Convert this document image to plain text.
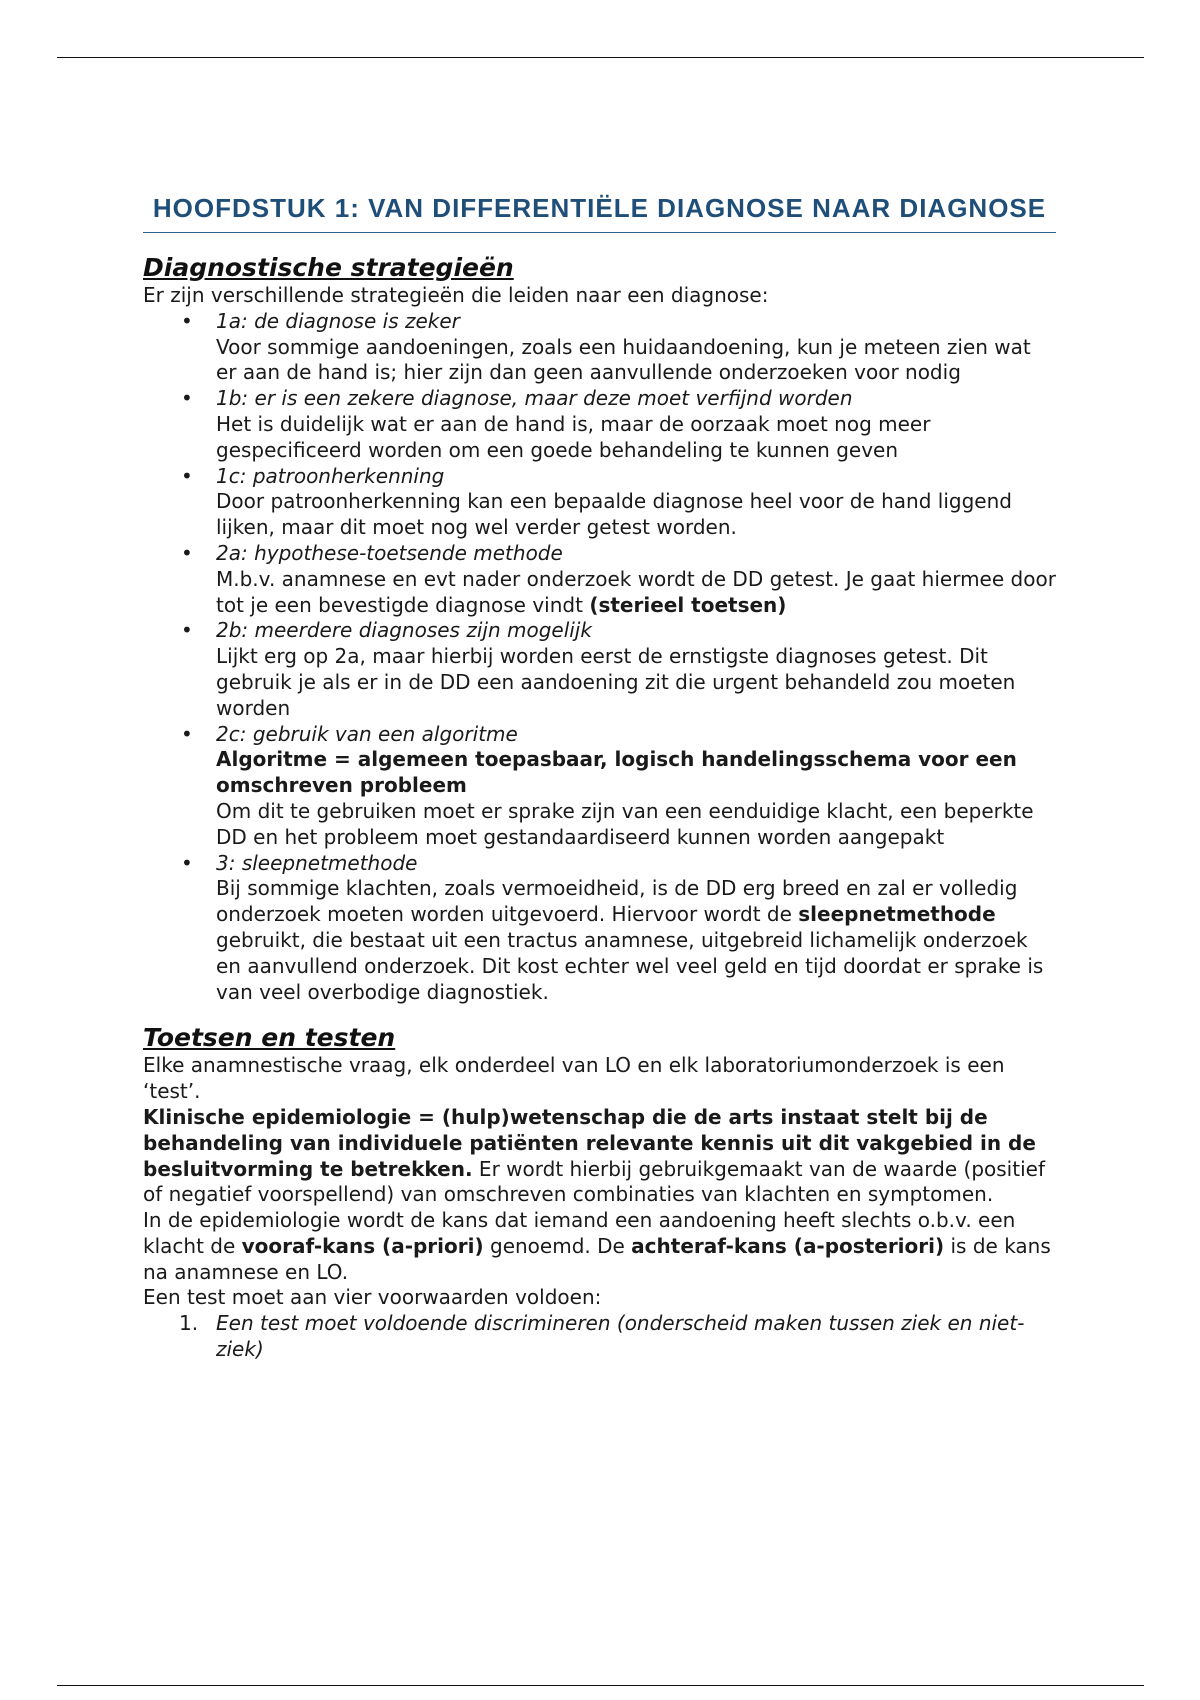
HOOFDSTUK 1: VAN DIFFERENTIËLE DIAGNOSE NAAR DIAGNOSE
Diagnostische strategieën

Er zijn verschillende strategieën die leiden naar een diagnose:

• 1a: de diagnose is zeker
Voor sommige aandoeningen, zoals een huidaandoening, kun je meteen zien wat er aan de hand is; hier zijn dan geen aanvullende onderzoeken voor nodig
• 1b: er is een zekere diagnose, maar deze moet verfijnd worden
Het is duidelijk wat er aan de hand is, maar de oorzaak moet nog meer gespecificeerd worden om een goede behandeling te kunnen geven
• 1c: patroonherkenning
Door patroonherkenning kan een bepaalde diagnose heel voor de hand liggend lijken, maar dit moet nog wel verder getest worden.
• 2a: hypothese-toetsende methode
M.b.v. anamnese en evt nader onderzoek wordt de DD getest. Je gaat hiermee door tot je een bevestigde diagnose vindt (sterieel toetsen)
• 2b: meerdere diagnoses zijn mogelijk
Lijkt erg op 2a, maar hierbij worden eerst de ernstigste diagnoses getest. Dit gebruik je als er in de DD een aandoening zit die urgent behandeld zou moeten worden
• 2c: gebruik van een algoritme
Algoritme = algemeen toepasbaar, logisch handelingsschema voor een omschreven probleem
Om dit te gebruiken moet er sprake zijn van een eenduidige klacht, een beperkte DD en het probleem moet gestandaardiseerd kunnen worden aangepakt
• 3: sleepnetmethode
Bij sommige klachten, zoals vermoeidheid, is de DD erg breed en zal er volledig onderzoek moeten worden uitgevoerd. Hiervoor wordt de sleepnetmethode gebruikt, die bestaat uit een tractus anamnese, uitgebreid lichamelijk onderzoek en aanvullend onderzoek. Dit kost echter wel veel geld en tijd doordat er sprake is van veel overbodige diagnostiek.
Toetsen en testen

Elke anamnestische vraag, elk onderdeel van LO en elk laboratoriumonderzoek is een ‘test’.

Klinische epidemiologie = (hulp)wetenschap die de arts instaat stelt bij de behandeling van individuele patiënten relevante kennis uit dit vakgebied in de besluitvorming te betrekken. Er wordt hierbij gebruikgemaakt van de waarde (positief of negatief voorspellend) van omschreven combinaties van klachten en symptomen.

In de epidemiologie wordt de kans dat iemand een aandoening heeft slechts o.b.v. een klacht de vooraf-kans (a-priori) genoemd. De achteraf-kans (a-posteriori) is de kans na anamnese en LO.

Een test moet aan vier voorwaarden voldoen:

1. Een test moet voldoende discrimineren (onderscheid maken tussen ziek en niet-ziek)
